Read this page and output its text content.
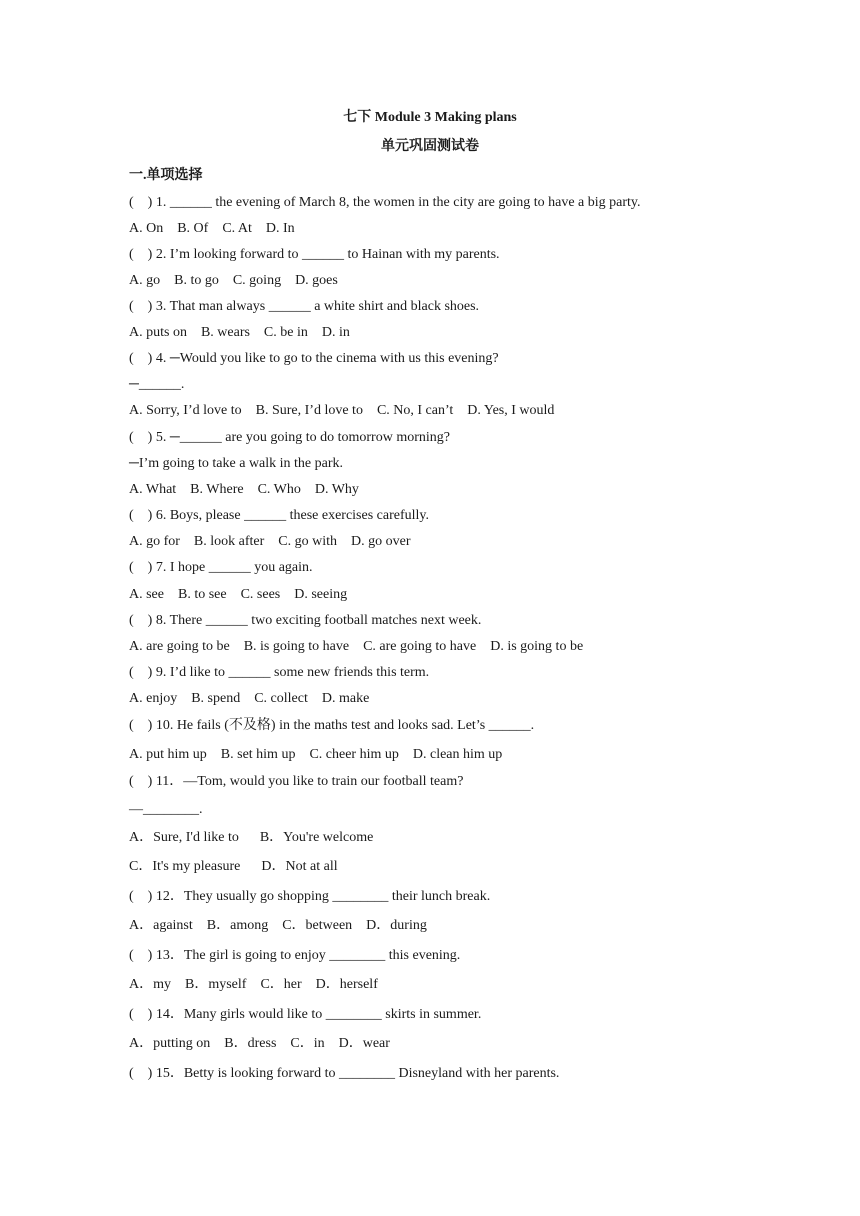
七下 Module 3 Making plans
单元巩固测试卷
一.单项选择
(    ) 1. ______ the evening of March 8, the women in the city are going to have a big party.
A. On    B. Of    C. At    D. In
(    ) 2. I’m looking forward to ______ to Hainan with my parents.
A. go    B. to go    C. going    D. goes
(    ) 3. That man always ______ a white shirt and black shoes.
A. puts on    B. wears    C. be in    D. in
(    ) 4. ─Would you like to go to the cinema with us this evening?
─______.
A. Sorry, I’d love to    B. Sure, I’d love to    C. No, I can’t    D. Yes, I would
(    ) 5. ─______ are you going to do tomorrow morning?
─I’m going to take a walk in the park.
A. What    B. Where    C. Who    D. Why
(    ) 6. Boys, please ______ these exercises carefully.
A. go for    B. look after    C. go with    D. go over
(    ) 7. I hope ______ you again.
A. see    B. to see    C. sees    D. seeing
(    ) 8. There ______ two exciting football matches next week.
A. are going to be    B. is going to have    C. are going to have    D. is going to be
(    ) 9. I’d like to ______ some new friends this term.
A. enjoy    B. spend    C. collect    D. make
(    ) 10. He fails (不及格) in the maths test and looks sad. Let’s ______.
A. put him up    B. set him up    C. cheer him up    D. clean him up
(    ) 11．—Tom, would you like to train our football team?
—________.
A．Sure, I'd like to      B．You're welcome
C．It's my pleasure      D．Not at all
(    ) 12．They usually go shopping ________ their lunch break.
A．against    B．among    C．between    D．during
(    ) 13．The girl is going to enjoy ________ this evening.
A．my    B．myself    C．her    D．herself
(    ) 14．Many girls would like to ________ skirts in summer.
A．putting on    B．dress    C．in    D．wear
(    ) 15．Betty is looking forward to ________ Disneyland with her parents.
